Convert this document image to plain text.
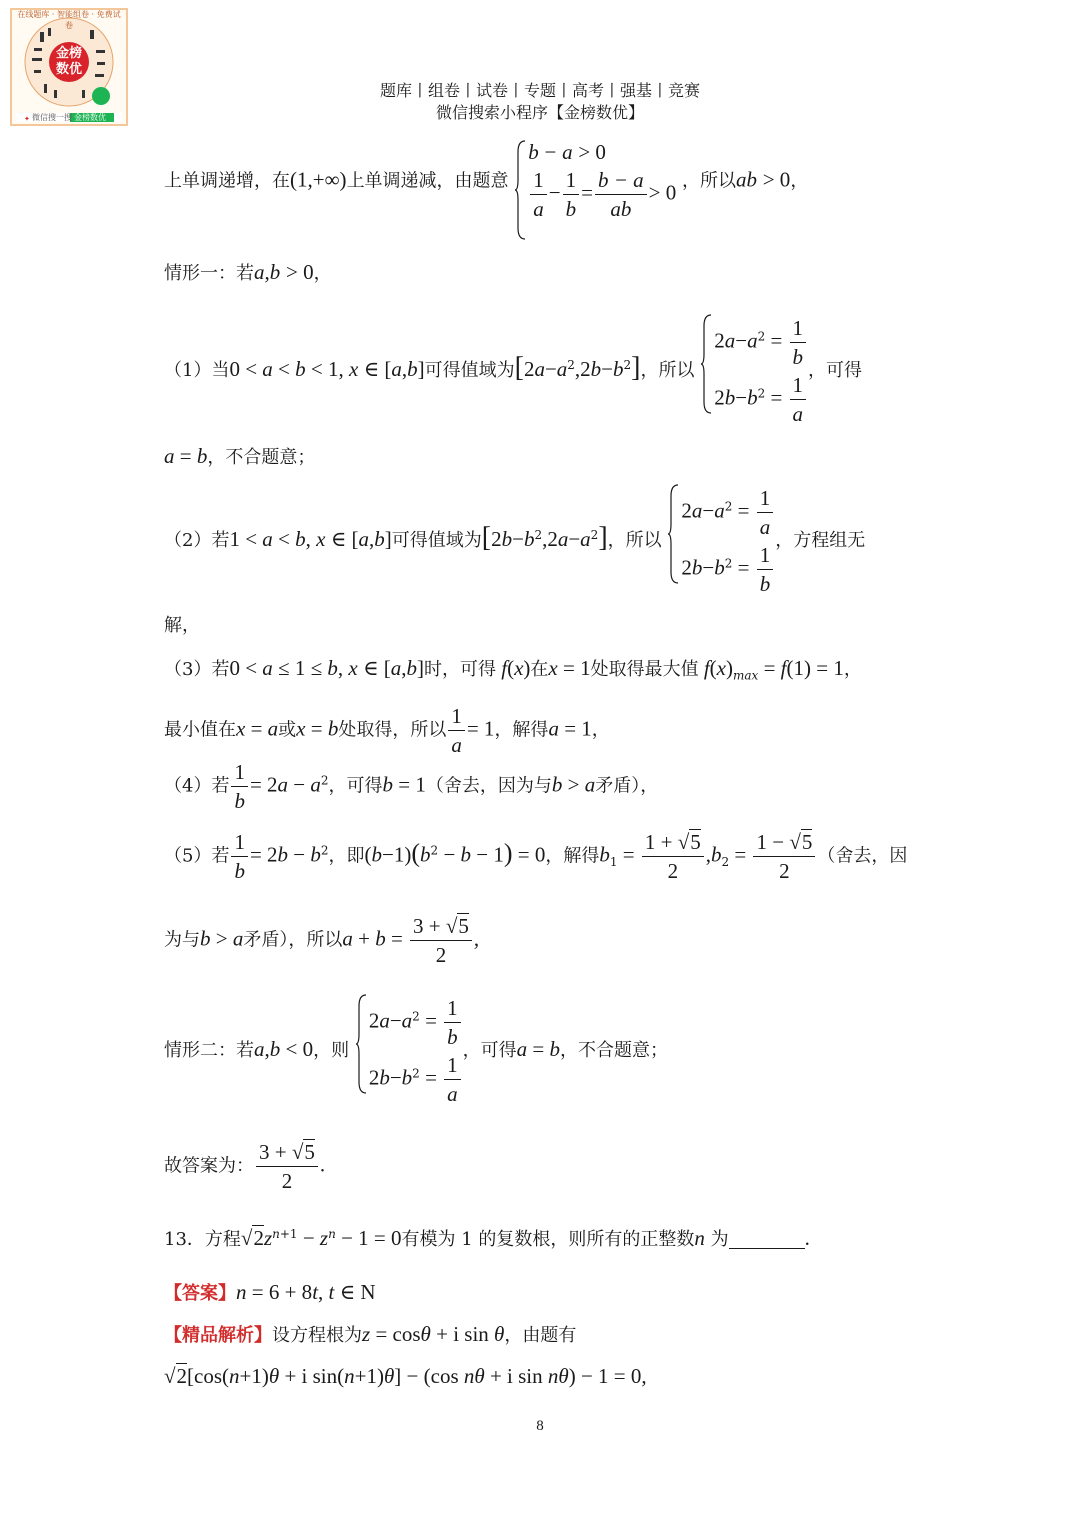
✦
在线题库 · 智能组卷 · 免费试卷
金榜数优
微信搜一搜 金榜数优
题库丨组卷丨试卷丨专题丨高考丨强基丨竞赛
微信搜索小程序【金榜数优】
上单调递增，在(1,+∞)上单调递减，由题意
b − a > 0
$\frac{1}{a} - \frac{1}{b} = \frac{b - a}{ab} > 0$ ，所以ab > 0，
情形一：若a,b > 0，
（1）当0 < a < b < 1, x ∈ [a,b]可得值域为$[2a-a^2,2b-b^2]$，所以
$2a-a^2 = \frac{1}{b}$
$2b-b^2 = \frac{1}{a}$
，可得
a = b，不合题意；
（2）若1 < a < b, x ∈ [a,b]可得值域为$[2b-b^2,2a-a^2]$，所以
$2a-a^2 = \frac{1}{a}$
$2b-b^2 = \frac{1}{b}$
，方程组无
解，
（3）若0 < a ≤ 1 ≤ b, x ∈ [a,b]时，可得 f(x)在x = 1处取得最大值 $f(x)_{max} = f(1) = 1$，
最小值在x = a或x = b处取得，所以 $\frac{1}{a} = 1$，解得a = 1，
（4）若 $\frac{1}{b} = 2a - a^2$，可得b = 1（舍去，因为与b > a矛盾），
（5）若 $\frac{1}{b} = 2b - b^2$，即$(b-1)(b^2 - b - 1) = 0$，解得$b_1 = \frac{1 + √5}{2} ,b_2 = \frac{1 - √5}{2}$ （舍去，因
为与b > a矛盾），所以$a + b = \frac{3 + √5}{2}$ ,
情形二：若a,b < 0，则
$2a-a^2 = \frac{1}{b}$
$2b-b^2 = \frac{1}{a}$
，可得a = b，不合题意；
故答案为： $\frac{3 + √5}{2}$ .
13．方程$√2z^{n+1} - z^n - 1 = 0$有模为 1 的复数根，则所有的正整数n 为	.
【答案】n = 6 + 8t, t ∈ N
【精品解析】设方程根为z = cosθ + i sin θ，由题有
√2[cos(n+1)θ + i sin(n+1)θ] − (cos nθ + i sin nθ) − 1 = 0,
8
